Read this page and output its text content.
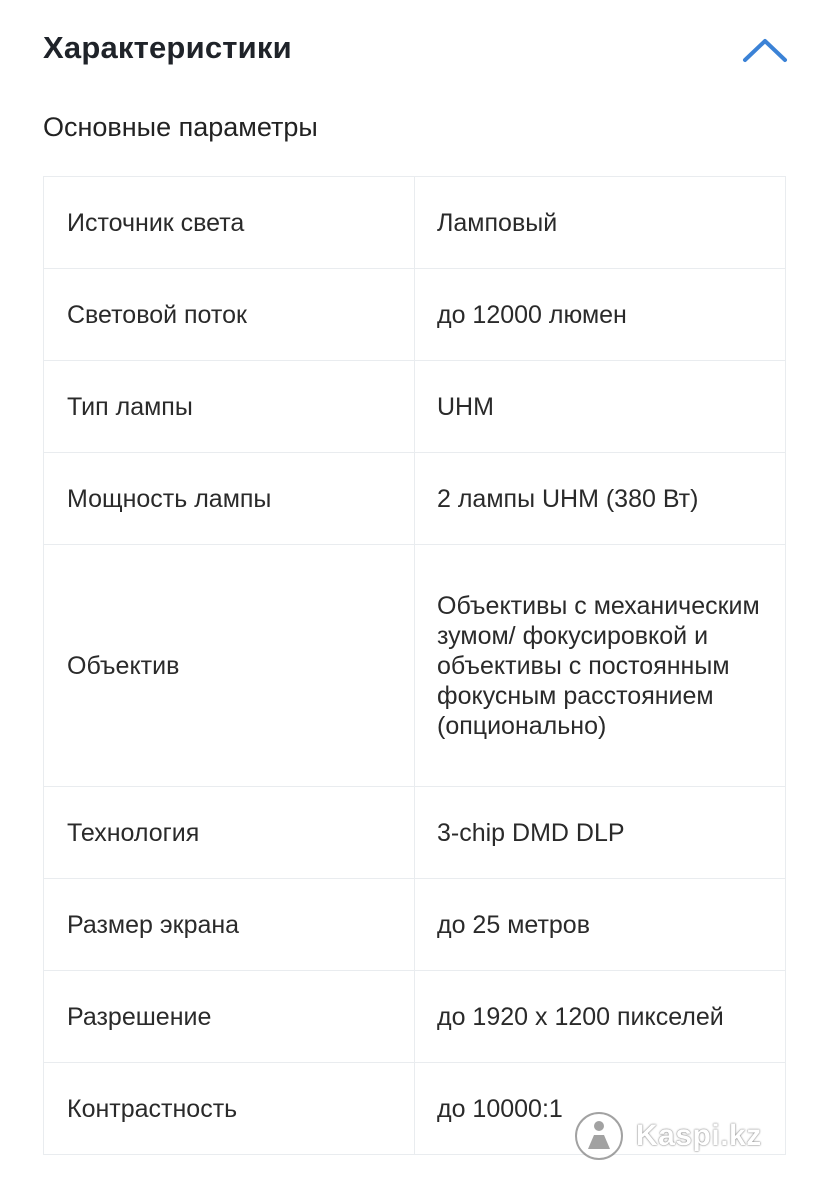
Характеристики
Основные параметры
Источник света	Ламповый
Световой поток	до 12000 люмен
Тип лампы	UHM
Мощность лампы	2 лампы UHM (380 Вт)
Объектив	Объективы с механическим зумом/ фокусировкой и объективы с постоянным фокусным расстоянием (опционально)
Технология	3-chip DMD DLP
Размер экрана	до 25 метров
Разрешение	до 1920 x 1200 пикселей
Контрастность	до 10000:1
Kaspi.kz
